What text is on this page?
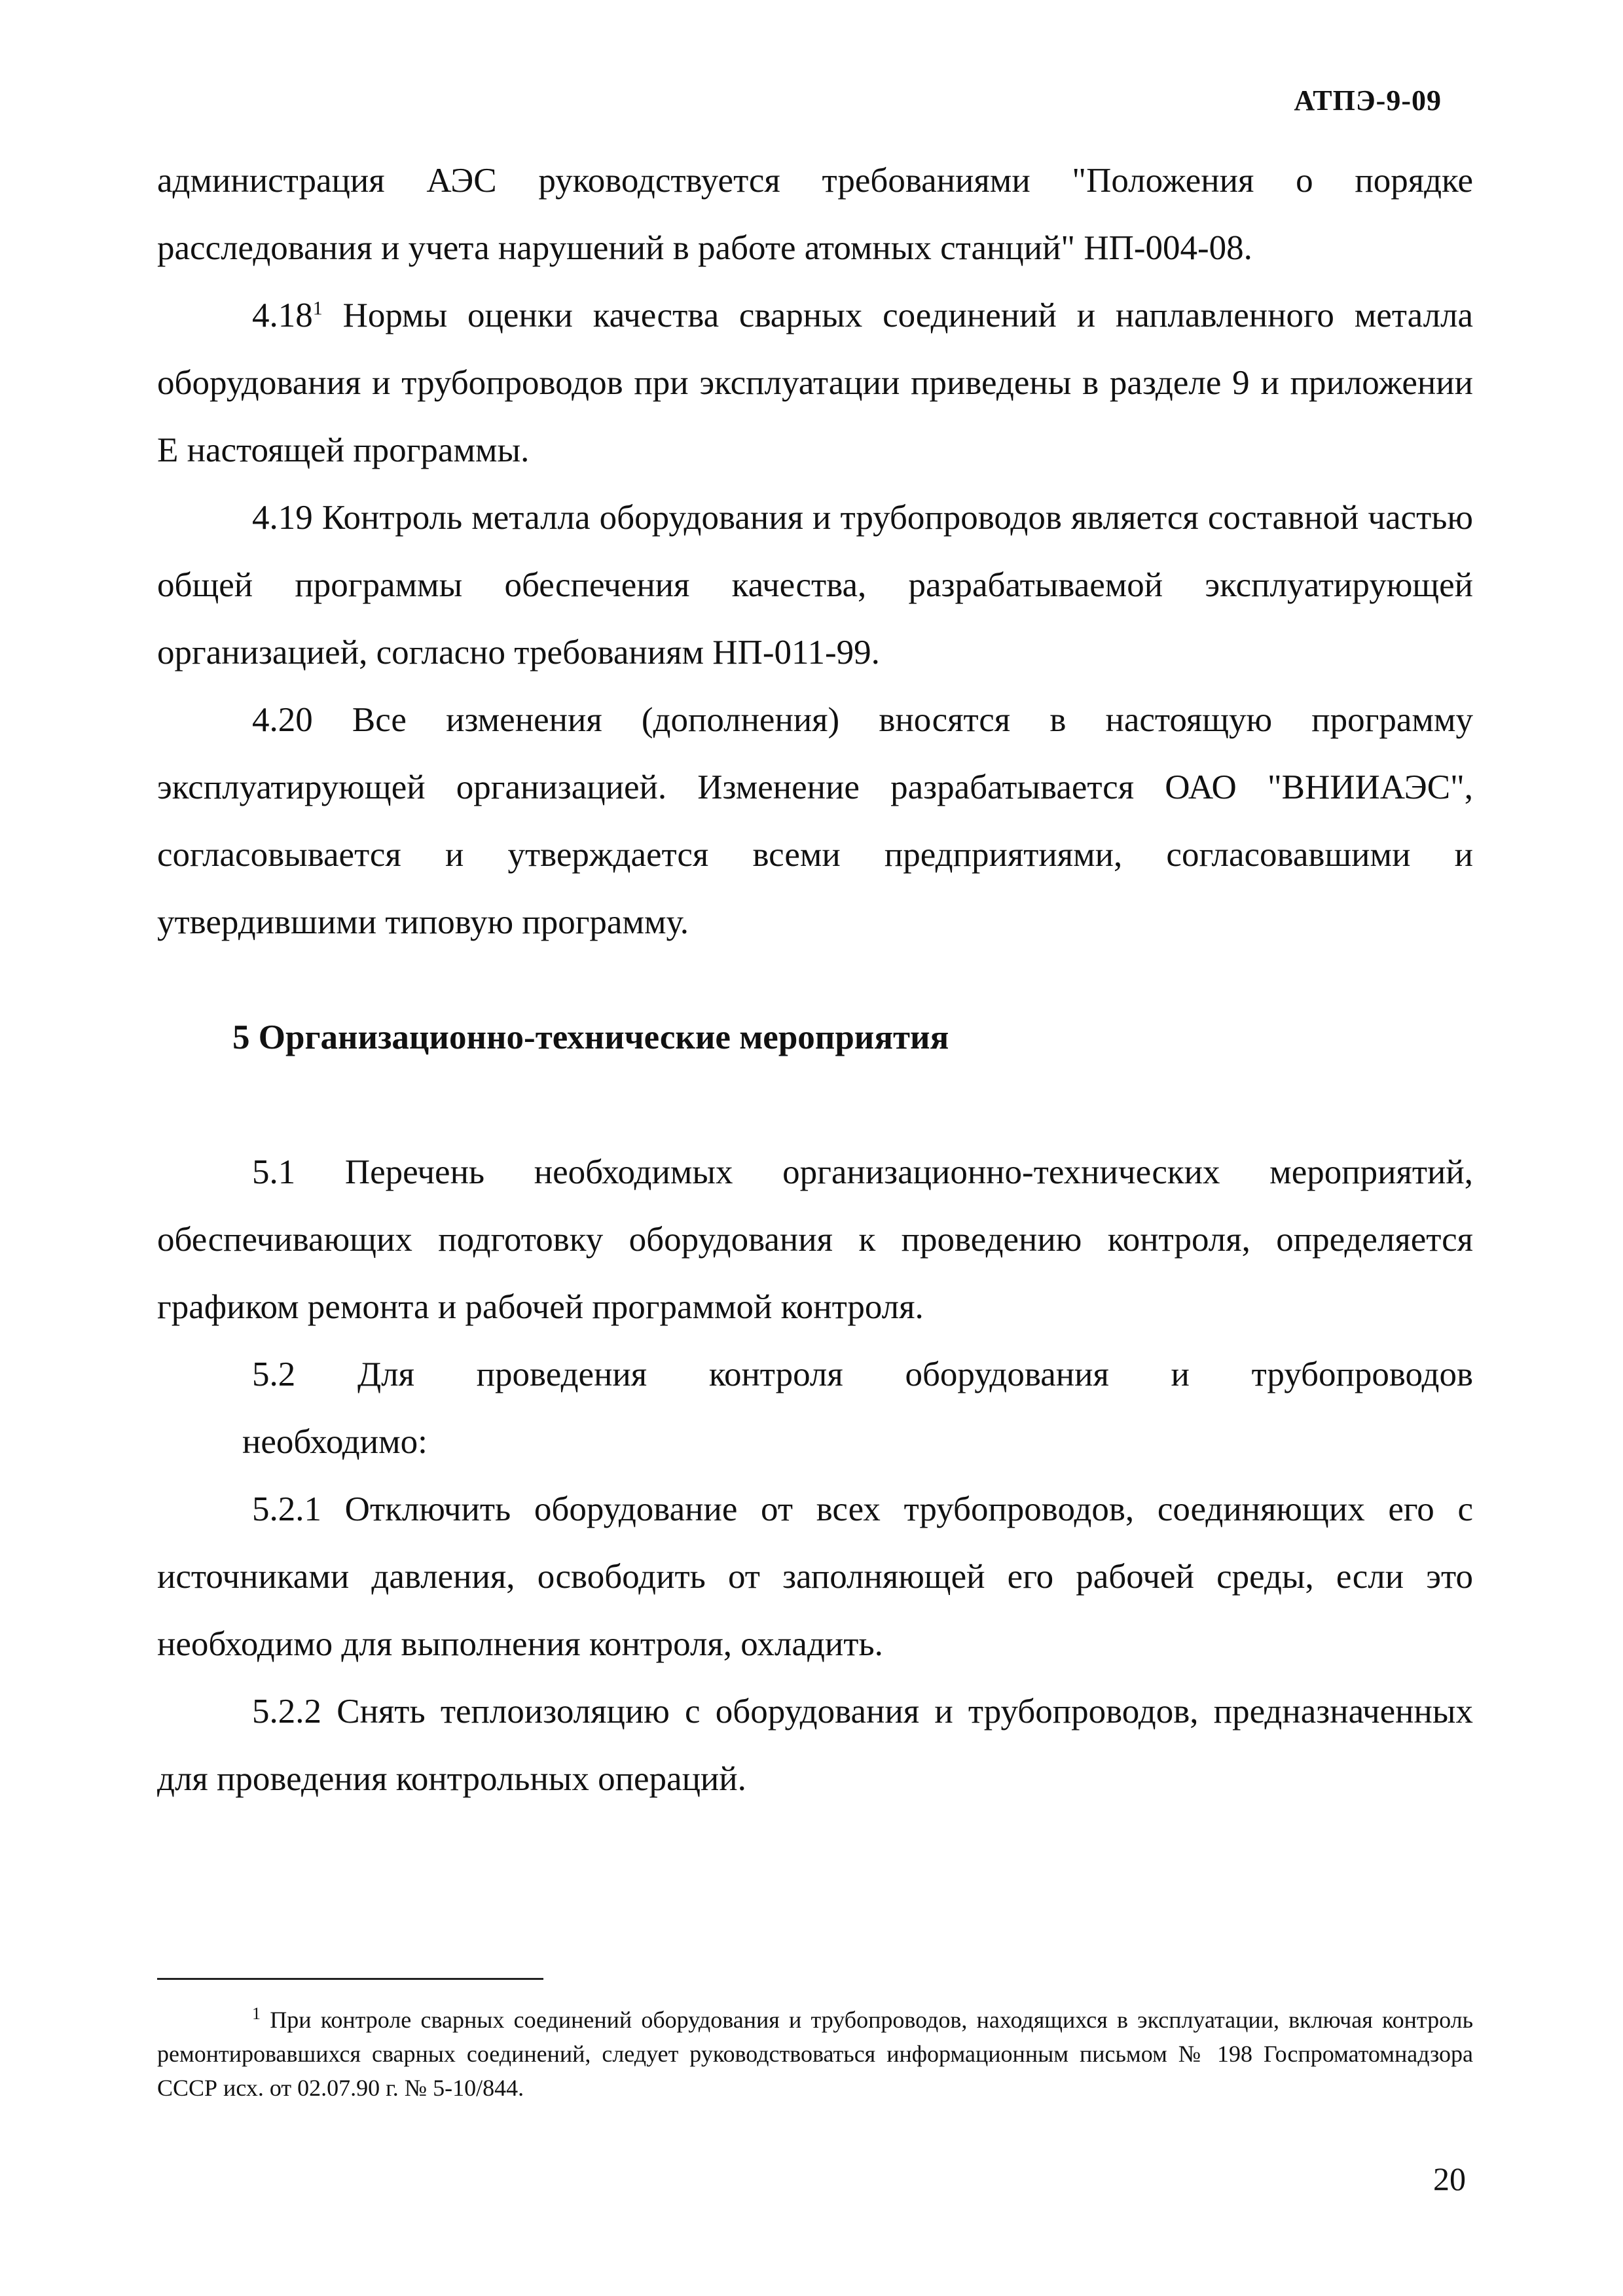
АТПЭ-9-09

администрация АЭС руководствуется требованиями "Положения о порядке расследования и учета нарушений в работе атомных станций" НП-004-08.

4.18$^1$ Нормы оценки качества сварных соединений и наплавленного металла оборудования и трубопроводов при эксплуатации приведены в разделе 9 и приложении Е настоящей программы.

4.19 Контроль металла оборудования и трубопроводов является составной частью общей программы обеспечения качества, разрабатываемой эксплуатирующей организацией, согласно требованиям НП-011-99.

4.20 Все изменения (дополнения) вносятся в настоящую программу эксплуатирующей организацией. Изменение разрабатывается ОАО "ВНИИАЭС", согласовывается и утверждается всеми предприятиями, согласовавшими и утвердившими типовую программу.

5 Организационно-технические мероприятия

5.1 Перечень необходимых организационно-технических мероприятий, обеспечивающих подготовку оборудования к проведению контроля, определяется графиком ремонта и рабочей программой контроля.

5.2 Для проведения контроля оборудования и трубопроводов

необходимо:

5.2.1 Отключить оборудование от всех трубопроводов, соединяющих его с источниками давления, освободить от заполняющей его рабочей среды, если это необходимо для выполнения контроля, охладить.

5.2.2 Снять теплоизоляцию с оборудования и трубопроводов, предназначенных для проведения контрольных операций.

$^1$ При контроле сварных соединений оборудования и трубопроводов, находящихся в эксплуатации, включая контроль ремонтировавшихся сварных соединений, следует руководствоваться информационным письмом № 198 Госпроматомнадзора СССР исх. от 02.07.90 г. № 5-10/844.

20
